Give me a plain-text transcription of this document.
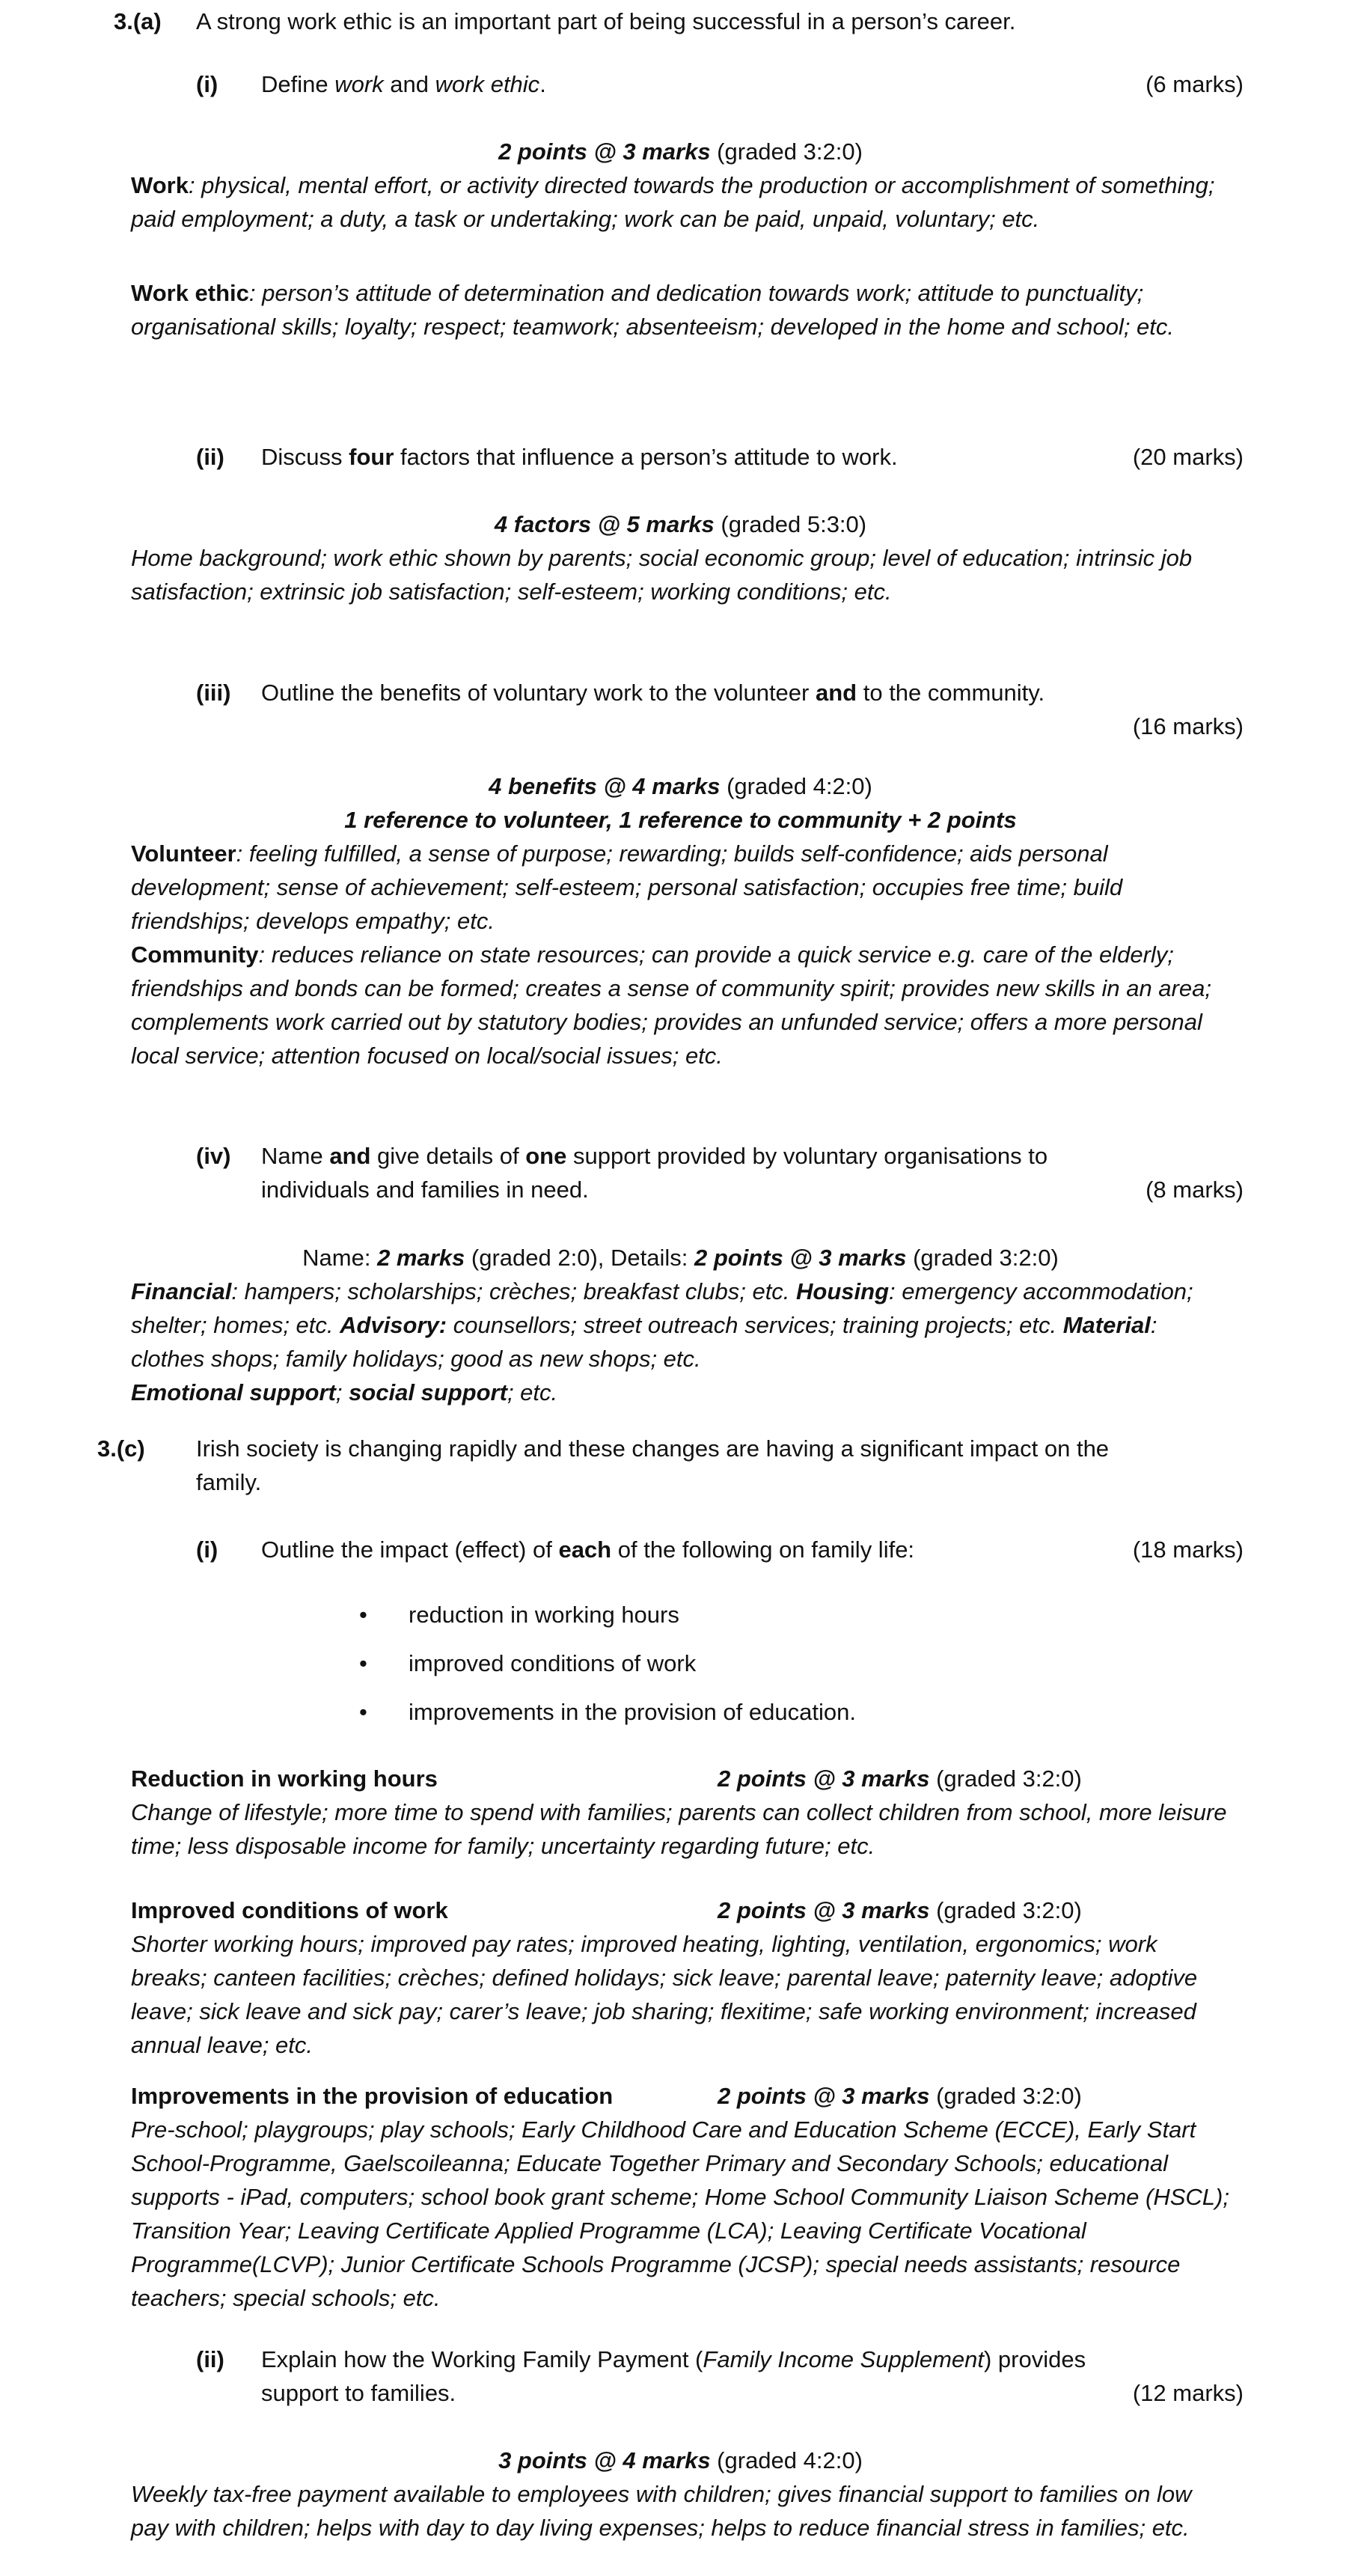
3.(a) A strong work ethic is an important part of being successful in a person’s career.
(i) Define work and work ethic.	(6 marks)
2 points @ 3 marks (graded 3:2:0)

Work: physical, mental effort, or activity directed towards the production or accomplishment of something; paid employment; a duty, a task or undertaking; work can be paid, unpaid, voluntary; etc.

Work ethic: person’s attitude of determination and dedication towards work; attitude to punctuality; organisational skills; loyalty; respect; teamwork; absenteeism; developed in the home and school; etc.

(ii) Discuss four factors that influence a person’s attitude to work.	(20 marks)
4 factors @ 5 marks (graded 5:3:0)

Home background; work ethic shown by parents; social economic group; level of education; intrinsic job satisfaction; extrinsic job satisfaction; self-esteem; working conditions; etc.

(iii) Outline the benefits of voluntary work to the volunteer and to the community.
(16 marks)
4 benefits @ 4 marks (graded 4:2:0)
1 reference to volunteer, 1 reference to community + 2 points

Volunteer: feeling fulfilled, a sense of purpose; rewarding; builds self-confidence; aids personal development; sense of achievement; self-esteem; personal satisfaction; occupies free time; build friendships; develops empathy; etc.

Community: reduces reliance on state resources; can provide a quick service e.g. care of the elderly; friendships and bonds can be formed; creates a sense of community spirit; provides new skills in an area; complements work carried out by statutory bodies; provides an unfunded service; offers a more personal local service; attention focused on local/social issues; etc.

(iv) Name and give details of one support provided by voluntary organisations to individuals and families in need.	(8 marks)
Name: 2 marks (graded 2:0), Details: 2 points @ 3 marks (graded 3:2:0)

Financial: hampers; scholarships; crèches; breakfast clubs; etc. Housing: emergency accommodation; shelter; homes; etc. Advisory: counsellors; street outreach services; training projects; etc. Material: clothes shops; family holidays; good as new shops; etc.
Emotional support; social support; etc.

3.(c) Irish society is changing rapidly and these changes are having a significant impact on the family.
(i) Outline the impact (effect) of each of the following on family life:	(18 marks)
•	reduction in working hours
•	improved conditions of work
•	improvements in the provision of education.
Reduction in working hours	2 points @ 3 marks (graded 3:2:0)

Change of lifestyle; more time to spend with families; parents can collect children from school, more leisure time; less disposable income for family; uncertainty regarding future; etc.

Improved conditions of work	2 points @ 3 marks (graded 3:2:0)

Shorter working hours; improved pay rates; improved heating, lighting, ventilation, ergonomics; work breaks; canteen facilities; crèches; defined holidays; sick leave; parental leave; paternity leave; adoptive leave; sick leave and sick pay; carer’s leave; job sharing; flexitime; safe working environment; increased annual leave; etc.

Improvements in the provision of education	2 points @ 3 marks (graded 3:2:0)

Pre-school; playgroups; play schools; Early Childhood Care and Education Scheme (ECCE), Early Start School-Programme, Gaelscoileanna; Educate Together Primary and Secondary Schools; educational supports - iPad, computers; school book grant scheme; Home School Community Liaison Scheme (HSCL); Transition Year; Leaving Certificate Applied Programme (LCA); Leaving Certificate Vocational Programme(LCVP); Junior Certificate Schools Programme (JCSP); special needs assistants; resource teachers; special schools; etc.

(ii) Explain how the Working Family Payment (Family Income Supplement) provides support to families.	(12 marks)
3 points @ 4 marks (graded 4:2:0)

Weekly tax-free payment available to employees with children; gives financial support to families on low pay with children; helps with day to day living expenses; helps to reduce financial stress in families; etc.
